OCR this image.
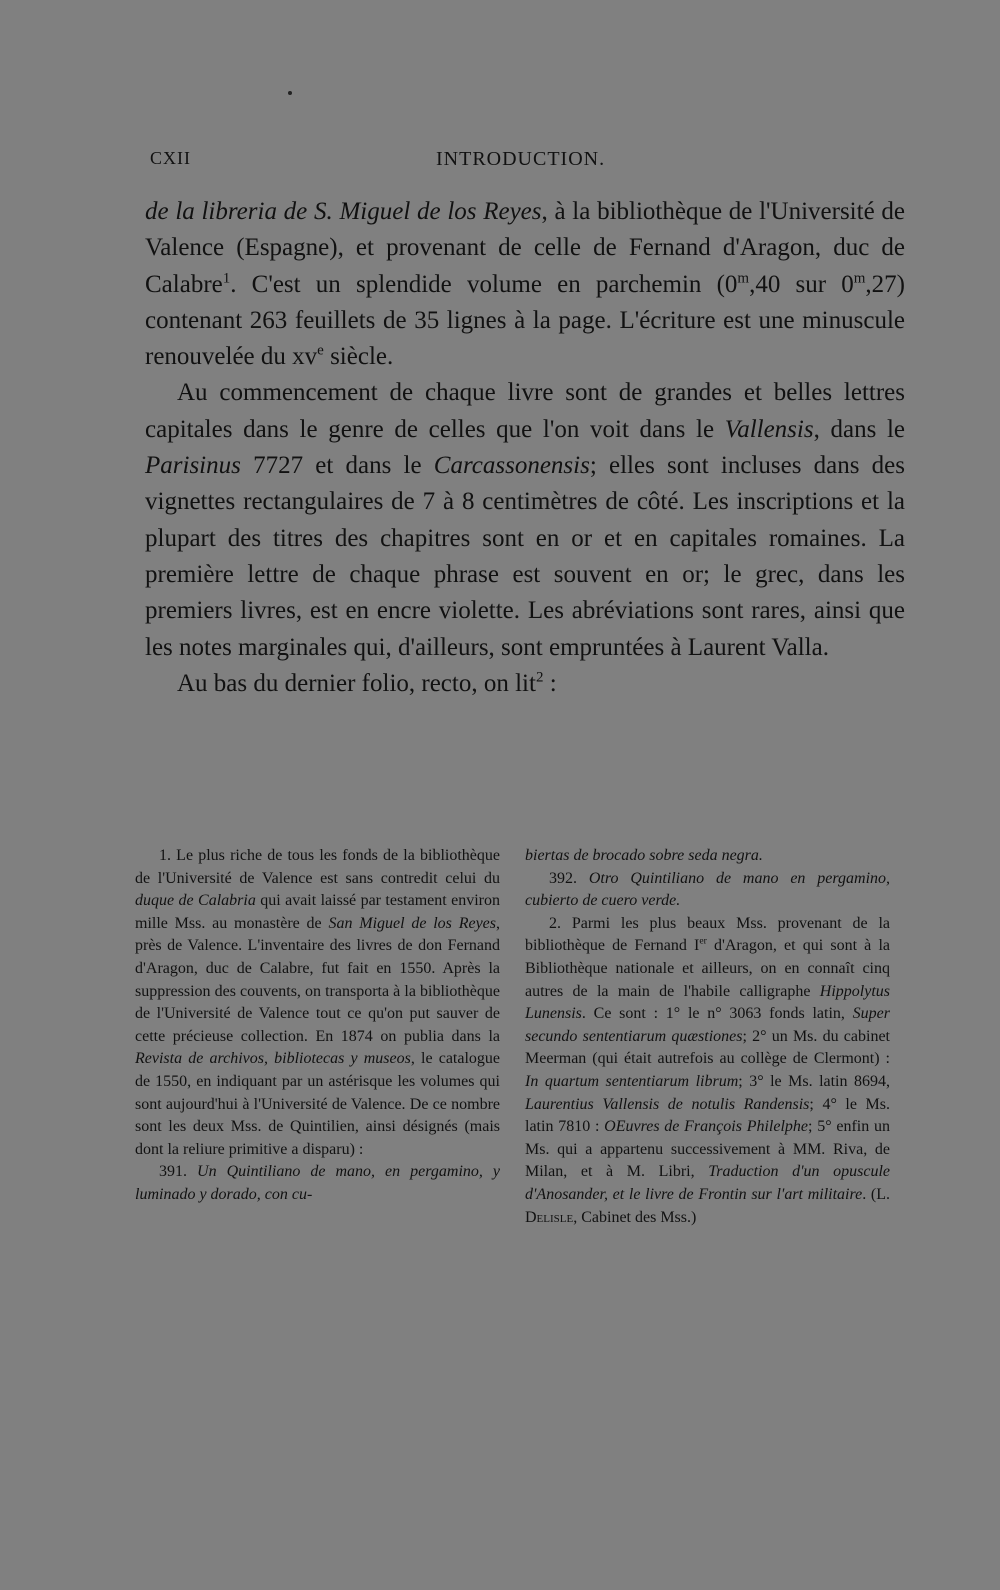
CXII	INTRODUCTION.

de la libreria de S. Miguel de los Reyes, à la bibliothèque de l'Université de Valence (Espagne), et provenant de celle de Fernand d'Aragon, duc de Calabre$^1$. C'est un splendide volume en parchemin (0$^m$,40 sur 0$^m$,27) contenant 263 feuillets de 35 lignes à la page. L'écriture est une minuscule renouvelée du $xv^e$ siècle.

Au commencement de chaque livre sont de grandes et belles lettres capitales dans le genre de celles que l'on voit dans le Vallensis, dans le Parisinus 7727 et dans le Carcassonensis; elles sont incluses dans des vignettes rectangulaires de 7 à 8 centimètres de côté. Les inscriptions et la plupart des titres des chapitres sont en or et en capitales romaines. La première lettre de chaque phrase est souvent en or; le grec, dans les premiers livres, est en encre violette. Les abréviations sont rares, ainsi que les notes marginales qui, d'ailleurs, sont empruntées à Laurent Valla.

Au bas du dernier folio, recto, on lit$^2$ :

1. Le plus riche de tous les fonds de la bibliothèque de l'Université de Valence est sans contredit celui du duque de Calabria qui avait laissé par testament environ mille Mss. au monastère de San Miguel de los Reyes, près de Valence. L'inventaire des livres de don Fernand d'Aragon, duc de Calabre, fut fait en 1550. Après la suppression des couvents, on transporta à la bibliothèque de l'Université de Valence tout ce qu'on put sauver de cette précieuse collection. En 1874 on publia dans la Revista de archivos, bibliotecas y museos, le catalogue de 1550, en indiquant par un astérisque les volumes qui sont aujourd'hui à l'Université de Valence. De ce nombre sont les deux Mss. de Quintilien, ainsi désignés (mais dont la reliure primitive a disparu) :

391. Un Quintiliano de mano, en pergamino, y luminado y dorado, con cu-

biertas de brocado sobre seda negra.

392. Otro Quintiliano de mano en pergamino, cubierto de cuero verde.

2. Parmi les plus beaux Mss. provenant de la bibliothèque de Fernand Ier d'Aragon, et qui sont à la Bibliothèque nationale et ailleurs, on en connaît cinq autres de la main de l'habile calligraphe Hippolytus Lunensis. Ce sont : 1° le n° 3063 fonds latin, Super secundo sententiarum quæstiones; 2° un Ms. du cabinet Meerman (qui était autrefois au collège de Clermont) : In quartum sententiarum librum; 3° le Ms. latin 8694, Laurentius Vallensis de notulis Randensis; 4° le Ms. latin 7810 : OEuvres de François Philelphe; 5° enfin un Ms. qui a appartenu successivement à MM. Riva, de Milan, et à M. Libri, Traduction d'un opuscule d'Anosander, et le livre de Frontin sur l'art militaire. (L. Delisle, Cabinet des Mss.)
